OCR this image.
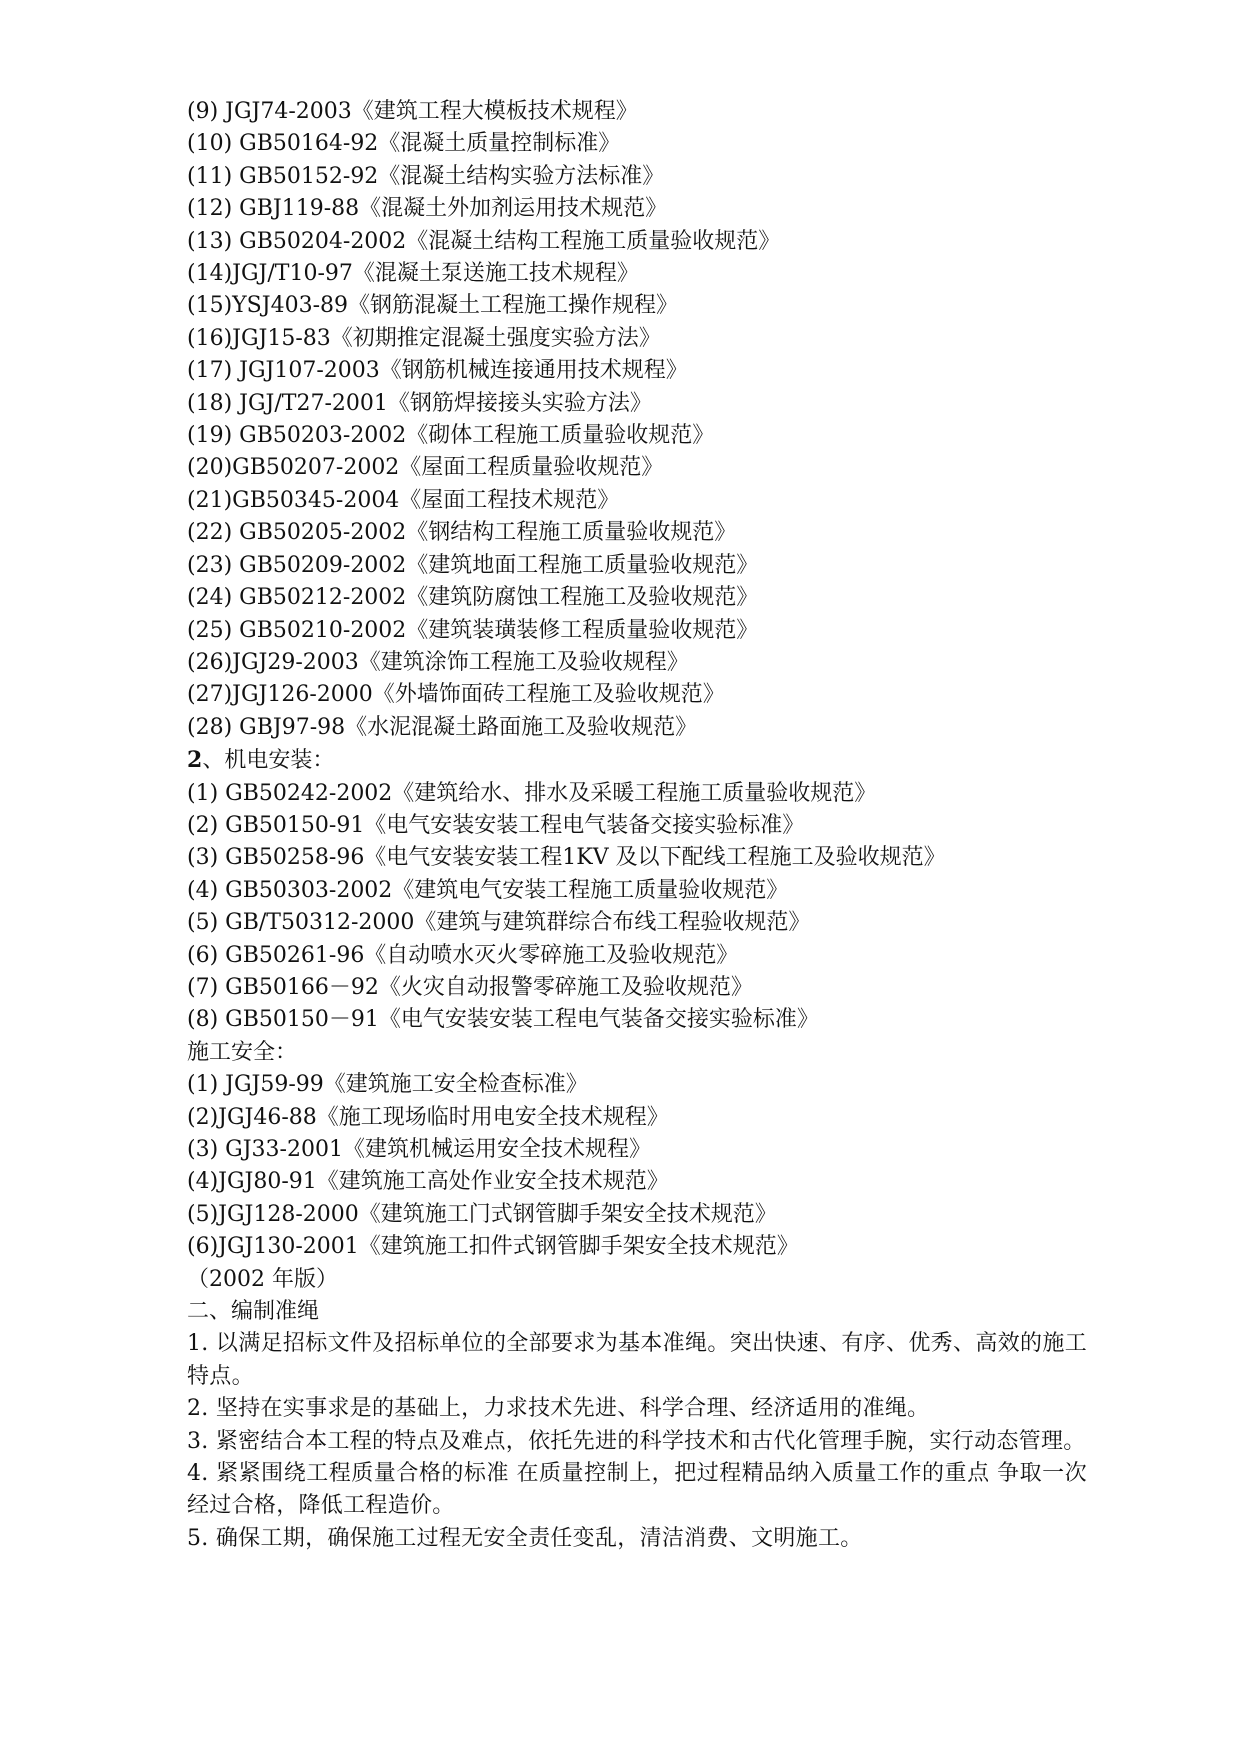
(9) JGJ74-2003《建筑工程大模板技术规程》

(10) GB50164-92《混凝土质量控制标准》

(11) GB50152-92《混凝土结构实验方法标准》

(12) GBJ119-88《混凝土外加剂运用技术规范》

(13) GB50204-2002《混凝土结构工程施工质量验收规范》

(14)JGJ/T10-97《混凝土泵送施工技术规程》

(15)YSJ403-89《钢筋混凝土工程施工操作规程》

(16)JGJ15-83《初期推定混凝土强度实验方法》

(17) JGJ107-2003《钢筋机械连接通用技术规程》

(18) JGJ/T27-2001《钢筋焊接接头实验方法》

(19) GB50203-2002《砌体工程施工质量验收规范》

(20)GB50207-2002《屋面工程质量验收规范》

(21)GB50345-2004《屋面工程技术规范》

(22) GB50205-2002《钢结构工程施工质量验收规范》

(23) GB50209-2002《建筑地面工程施工质量验收规范》

(24) GB50212-2002《建筑防腐蚀工程施工及验收规范》

(25) GB50210-2002《建筑装璜装修工程质量验收规范》

(26)JGJ29-2003《建筑涂饰工程施工及验收规程》

(27)JGJ126-2000《外墙饰面砖工程施工及验收规范》

(28) GBJ97-98《水泥混凝土路面施工及验收规范》

2、机电安装：

(1) GB50242-2002《建筑给水、排水及采暖工程施工质量验收规范》

(2) GB50150-91《电气安装安装工程电气装备交接实验标准》

(3) GB50258-96《电气安装安装工程1KV 及以下配线工程施工及验收规范》

(4) GB50303-2002《建筑电气安装工程施工质量验收规范》

(5) GB/T50312-2000《建筑与建筑群综合布线工程验收规范》

(6) GB50261-96《自动喷水灭火零碎施工及验收规范》

(7) GB50166－92《火灾自动报警零碎施工及验收规范》

(8) GB50150－91《电气安装安装工程电气装备交接实验标准》

施工安全：

(1) JGJ59-99《建筑施工安全检查标准》

(2)JGJ46-88《施工现场临时用电安全技术规程》

(3) GJ33-2001《建筑机械运用安全技术规程》

(4)JGJ80-91《建筑施工高处作业安全技术规范》

(5)JGJ128-2000《建筑施工门式钢管脚手架安全技术规范》

(6)JGJ130-2001《建筑施工扣件式钢管脚手架安全技术规范》

（2002 年版）

二、编制准绳

1. 以满足招标文件及招标单位的全部要求为基本准绳。突出快速、有序、优秀、高效的施工特点。

2. 坚持在实事求是的基础上，力求技术先进、科学合理、经济适用的准绳。

3. 紧密结合本工程的特点及难点，依托先进的科学技术和古代化管理手腕，实行动态管理。

4. 紧紧围绕工程质量合格的标准 在质量控制上，把过程精品纳入质量工作的重点 争取一次经过合格，降低工程造价。

5. 确保工期，确保施工过程无安全责任变乱，清洁消费、文明施工。
